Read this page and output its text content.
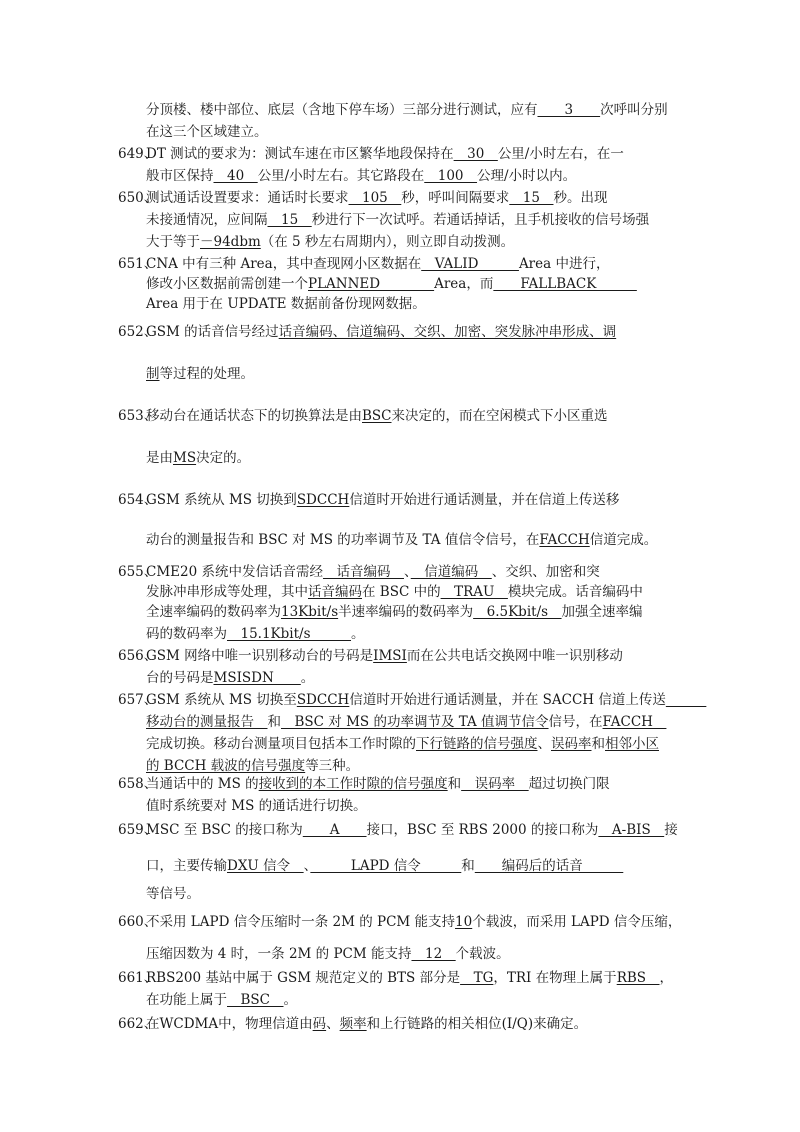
分顶楼、楼中部位、底层（含地下停车场）三部分进行测试，应有　　3　　次呼叫分别
在这三个区域建立。
649、
DT 测试的要求为：测试车速在市区繁华地段保持在　30　公里/小时左右，在一
般市区保持　40　公里/小时左右。其它路段在　100　公理/小时以内。
650、
测试通话设置要求：通话时长要求　105　秒，呼叫间隔要求　15　秒。出现
未接通情况，应间隔　15　秒进行下一次试呼。若通话掉话，且手机接收的信号场强
大于等于－94dbm（在 5 秒左右周期内），则立即自动拨测。
651、
CNA 中有三种 Area，其中查现网小区数据在　VALID　　　Area 中进行，
修改小区数据前需创建一个PLANNED　　　　Area，而　　FALLBACK　　　
Area 用于在 UPDATE 数据前备份现网数据。
652、
GSM 的话音信号经过话音编码、信道编码、交织、加密、突发脉冲串形成、调
制等过程的处理。
653、
移动台在通话状态下的切换算法是由BSC来决定的，而在空闲模式下小区重选
是由MS决定的。
654、
GSM 系统从 MS 切换到SDCCH信道时开始进行通话测量，并在信道上传送移
动台的测量报告和 BSC 对 MS 的功率调节及 TA 值信令信号，在FACCH信道完成。
655、
CME20 系统中发信话音需经　话音编码　、　信道编码　、交织、加密和突
发脉冲串形成等处理，其中话音编码在 BSC 中的　TRAU　模块完成。话音编码中
全速率编码的数码率为13Kbit/s半速率编码的数码率为　6.5Kbit/s　加强全速率编
码的数码率为　15.1Kbit/s　　　。
656、
GSM 网络中唯一识别移动台的号码是IMSI而在公共电话交换网中唯一识别移动
台的号码是MSISDN　　。
657、
GSM 系统从 MS 切换至SDCCH信道时开始进行通话测量，并在 SACCH 信道上传送　　　
移动台的测量报告　和　BSC 对 MS 的功率调节及 TA 值调节信令信号，在FACCH　
完成切换。移动台测量项目包括本工作时隙的下行链路的信号强度、误码率和相邻小区
的 BCCH 载波的信号强度等三种。
658、
当通话中的 MS 的接收到的本工作时隙的信号强度和　误码率　超过切换门限
值时系统要对 MS 的通话进行切换。
659、
MSC 至 BSC 的接口称为　　A　　接口，BSC 至 RBS 2000 的接口称为　A-BIS　接
口，主要传输DXU 信令　、　　　LAPD 信令　　　和　　编码后的话音　　　
等信号。
660、
不采用 LAPD 信令压缩时一条 2M 的 PCM 能支持10个载波，而采用 LAPD 信令压缩，
压缩因数为 4 时，一条 2M 的 PCM 能支持　12　个载波。
661、
RBS200 基站中属于 GSM 规范定义的 BTS 部分是　TG，TRI 在物理上属于RBS　，
在功能上属于　BSC　。
662、
在WCDMA中，物理信道由码、频率和上行链路的相关相位(I/Q)来确定。
